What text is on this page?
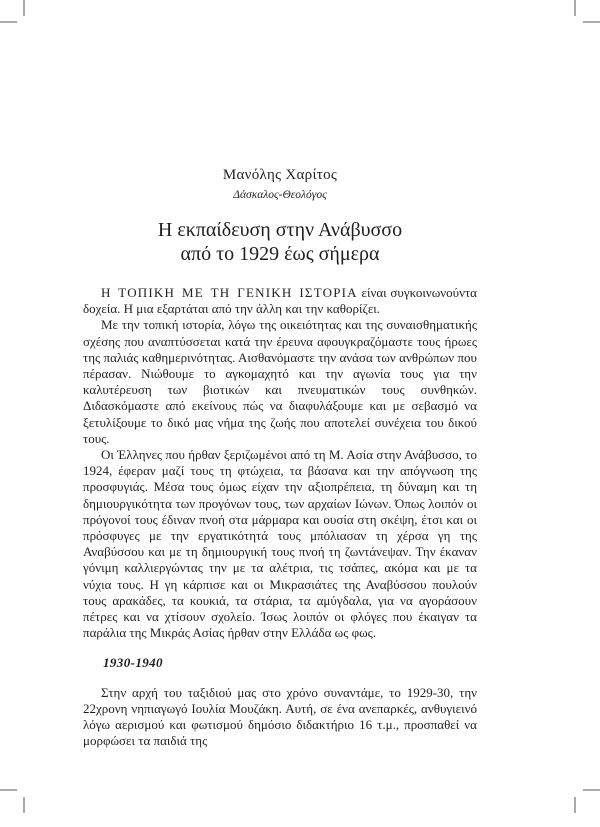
Μανόλης Χαρίτος
Δάσκαλος-Θεολόγος
Η εκπαίδευση στην Ανάβυσσο
από το 1929 έως σήμερα

Η ΤΟΠΙΚΗ ΜΕ ΤΗ ΓΕΝΙΚΗ ΙΣΤΟΡΙΑ είναι συγκοινωνούντα δοχεία. Η μια εξαρτάται από την άλλη και την καθορίζει.

Με την τοπική ιστορία, λόγω της οικειότητας και της συναισθηματικής σχέσης που αναπτύσσεται κατά την έρευνα αφουγκραζόμαστε τους ήρωες της παλιάς καθημερινότητας. Αισθανόμαστε την ανάσα των ανθρώπων που πέρασαν. Νιώθουμε το αγκομαχητό και την αγωνία τους για την καλυτέρευση των βιοτικών και πνευματικών τους συνθηκών. Διδασκόμαστε από εκείνους πώς να διαφυλάξουμε και με σεβασμό να ξετυλίξουμε το δικό μας νήμα της ζωής που αποτελεί συνέχεια του δικού τους.

Οι Έλληνες που ήρθαν ξεριζωμένοι από τη Μ. Ασία στην Ανάβυσσο, το 1924, έφεραν μαζί τους τη φτώχεια, τα βάσανα και την απόγνωση της προσφυγιάς. Μέσα τους όμως είχαν την αξιοπρέπεια, τη δύναμη και τη δημιουργικότητα των προγόνων τους, των αρχαίων Ιώνων. Όπως λοιπόν οι πρόγονοί τους έδιναν πνοή στα μάρμαρα και ουσία στη σκέψη, έτσι και οι πρόσφυγες με την εργατικότητά τους μπόλιασαν τη χέρσα γη της Αναβύσσου και με τη δημιουργική τους πνοή τη ζωντάνεψαν. Την έκαναν γόνιμη καλλιεργώντας την με τα αλέτρια, τις τσάπες, ακόμα και με τα νύχια τους. Η γη κάρπισε και οι Μικρασιάτες της Αναβύσσου πουλούν τους αρακάδες, τα κουκιά, τα στάρια, τα αμύγδαλα, για να αγοράσουν πέτρες και να χτίσουν σχολείο. Ίσως λοιπόν οι φλόγες που έκαιγαν τα παράλια της Μικράς Ασίας ήρθαν στην Ελλάδα ως φως.

1930-1940

Στην αρχή του ταξιδιού μας στο χρόνο συναντάμε, το 1929-30, την 22χρονη νηπιαγωγό Ιουλία Μουζάκη. Αυτή, σε ένα ανεπαρκές, ανθυγιεινό λόγω αερισμού και φωτισμού δημόσιο διδακτήριο 16 τ.μ., προσπαθεί να μορφώσει τα παιδιά της
